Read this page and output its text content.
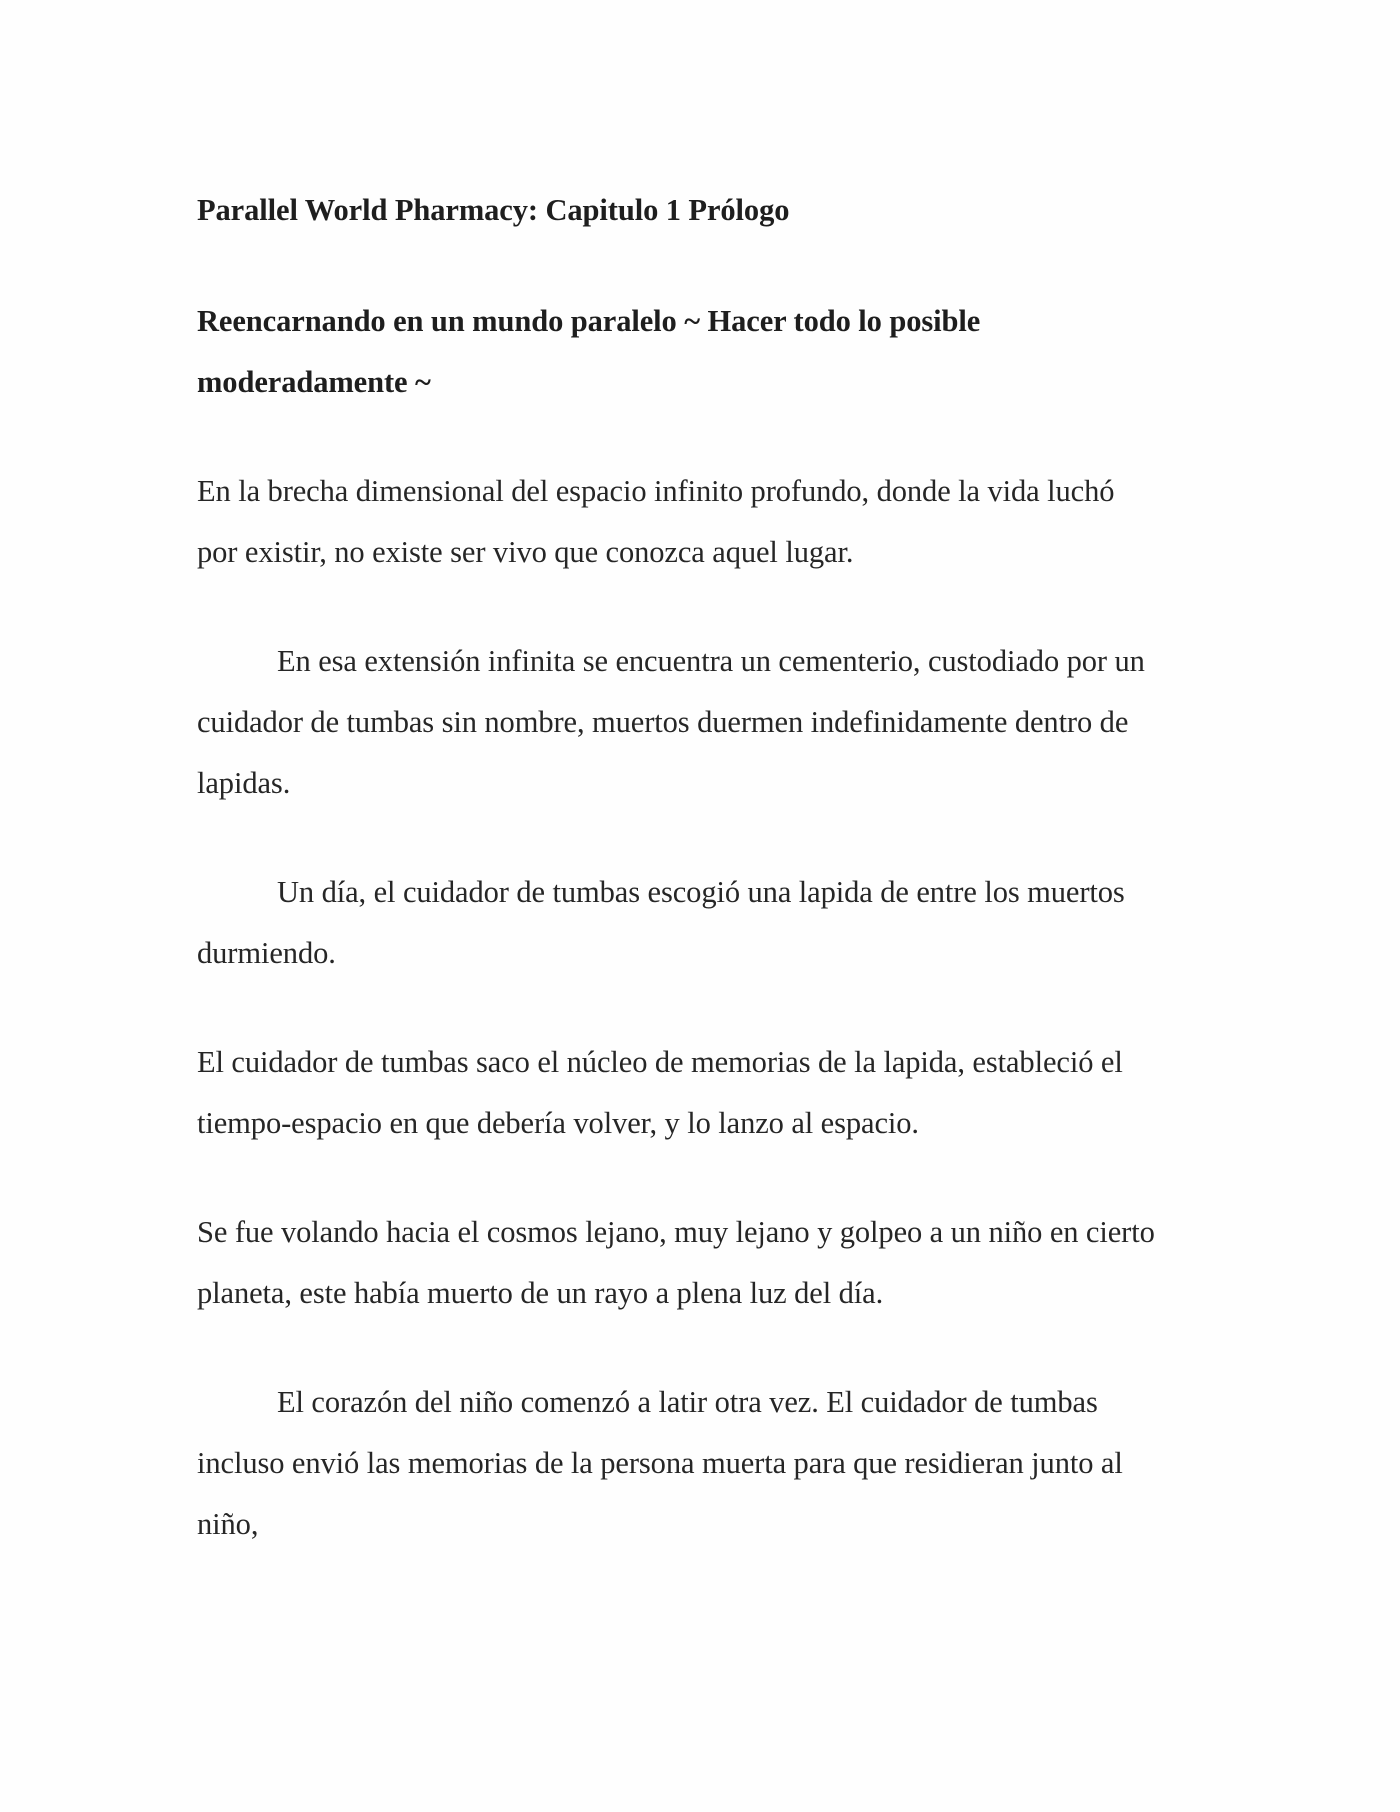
Parallel World Pharmacy: Capitulo 1 Prólogo
Reencarnando en un mundo paralelo ~ Hacer todo lo posible
moderadamente ~
En la brecha dimensional del espacio infinito profundo, donde la vida luchó
por existir, no existe ser vivo que conozca aquel lugar.
En esa extensión infinita se encuentra un cementerio, custodiado por un
cuidador de tumbas sin nombre, muertos duermen indefinidamente dentro de
lapidas.
Un día, el cuidador de tumbas escogió una lapida de entre los muertos
durmiendo.
El cuidador de tumbas saco el núcleo de memorias de la lapida, estableció el
tiempo-espacio en que debería volver, y lo lanzo al espacio.
Se fue volando hacia el cosmos lejano, muy lejano y golpeo a un niño en cierto
planeta, este había muerto de un rayo a plena luz del día.
El corazón del niño comenzó a latir otra vez. El cuidador de tumbas
incluso envió las memorias de la persona muerta para que residieran junto al
niño,
